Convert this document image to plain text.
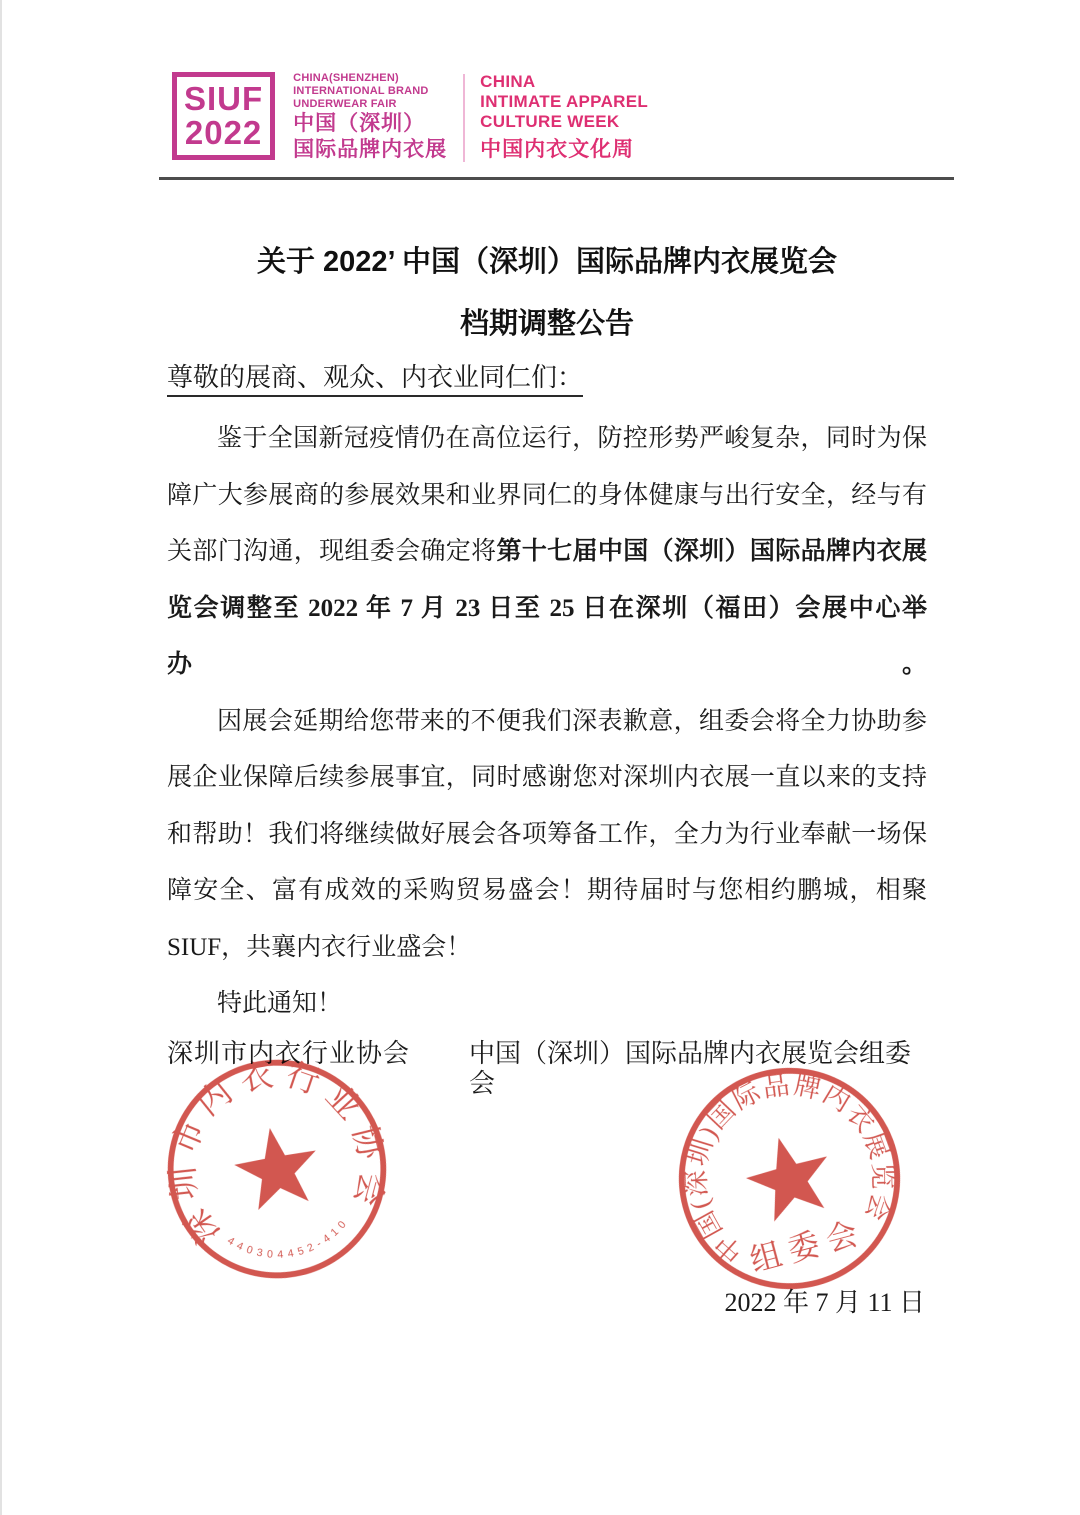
SIUF
2022
CHINA(SHENZHEN)
INTERNATIONAL BRAND
UNDERWEAR FAIR
中国（深圳）
国际品牌内衣展
CHINA
INTIMATE APPAREL
CULTURE WEEK
中国内衣文化周
关于 2022’ 中国（深圳）国际品牌内衣展览会
档期调整公告

尊敬的展商、观众、内衣业同仁们：

鉴于全国新冠疫情仍在高位运行，防控形势严峻复杂，同时为保
障广大参展商的参展效果和业界同仁的身体健康与出行安全，经与有
关部门沟通，现组委会确定将第十七届中国（深圳）国际品牌内衣展
览会调整至 2022 年 7 月 23 日至 25 日在深圳（福田）会展中心举办。
因展会延期给您带来的不便我们深表歉意，组委会将全力协助参
展企业保障后续参展事宜，同时感谢您对深圳内衣展一直以来的支持
和帮助！我们将继续做好展会各项筹备工作，全力为行业奉献一场保
障安全、富有成效的采购贸易盛会！期待届时与您相约鹏城，相聚
SIUF，共襄内衣行业盛会！
特此通知！
深圳市内衣行业协会
440304452-410
中国(深圳)国际品牌内衣展览会
组委会
深圳市内衣行业协会 中国（深圳）国际品牌内衣展览会组委会
2022 年 7 月 11 日
